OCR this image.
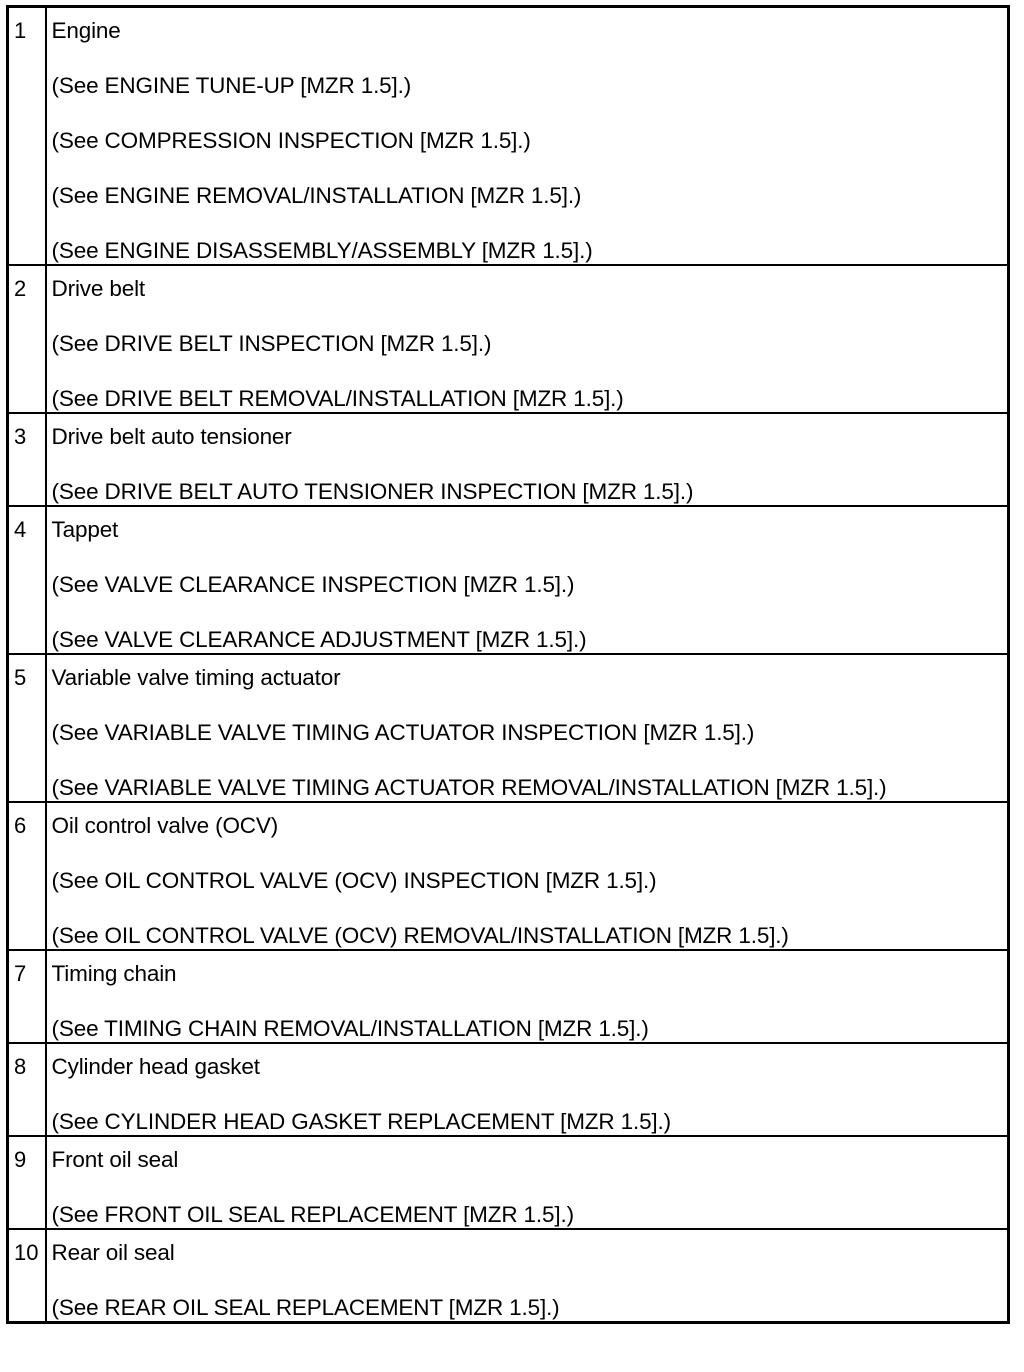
1	Engine
(See ENGINE TUNE-UP [MZR 1.5].)
(See COMPRESSION INSPECTION [MZR 1.5].)
(See ENGINE REMOVAL/INSTALLATION [MZR 1.5].)
(See ENGINE DISASSEMBLY/ASSEMBLY [MZR 1.5].)

2	Drive belt
(See DRIVE BELT INSPECTION [MZR 1.5].)
(See DRIVE BELT REMOVAL/INSTALLATION [MZR 1.5].)

3	Drive belt auto tensioner
(See DRIVE BELT AUTO TENSIONER INSPECTION [MZR 1.5].)

4	Tappet
(See VALVE CLEARANCE INSPECTION [MZR 1.5].)
(See VALVE CLEARANCE ADJUSTMENT [MZR 1.5].)

5	Variable valve timing actuator
(See VARIABLE VALVE TIMING ACTUATOR INSPECTION [MZR 1.5].)
(See VARIABLE VALVE TIMING ACTUATOR REMOVAL/INSTALLATION [MZR 1.5].)

6	Oil control valve (OCV)
(See OIL CONTROL VALVE (OCV) INSPECTION [MZR 1.5].)
(See OIL CONTROL VALVE (OCV) REMOVAL/INSTALLATION [MZR 1.5].)

7	Timing chain
(See TIMING CHAIN REMOVAL/INSTALLATION [MZR 1.5].)

8	Cylinder head gasket
(See CYLINDER HEAD GASKET REPLACEMENT [MZR 1.5].)

9	Front oil seal
(See FRONT OIL SEAL REPLACEMENT [MZR 1.5].)

10	Rear oil seal
(See REAR OIL SEAL REPLACEMENT [MZR 1.5].)
